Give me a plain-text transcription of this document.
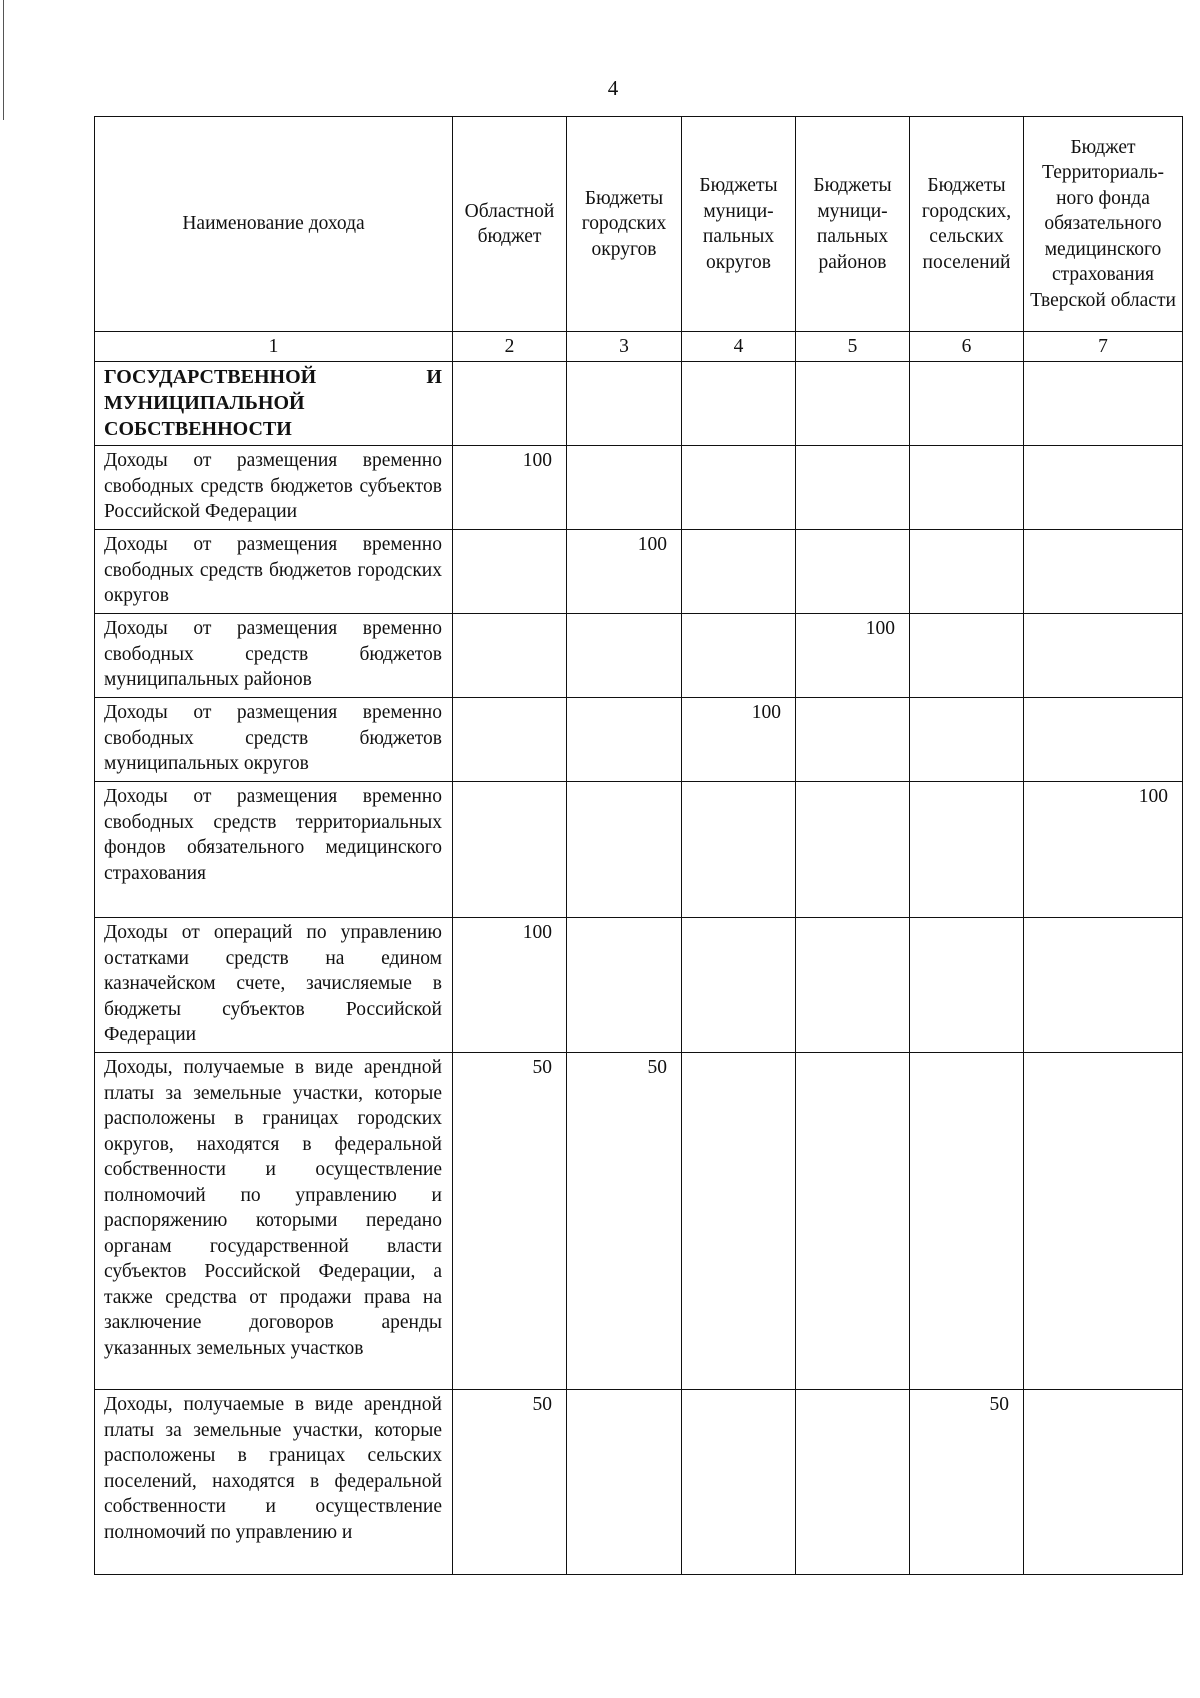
4
Наименование дохода	Областной бюджет	Бюджеты городских округов	Бюджеты муници-пальных округов	Бюджеты муници-пальных районов	Бюджеты городских, сельских поселений	Бюджет Территориаль-ного фонда обязательного медицинского страхования Тверской области
1	2	3	4	5	6	7
ГОСУДАРСТВЕННОЙ И МУНИЦИПАЛЬНОЙ СОБСТВЕННОСТИ						
Доходы от размещения временно свободных средств бюджетов субъектов Российской Федерации	100					
Доходы от размещения временно свободных средств бюджетов городских округов		100				
Доходы от размещения временно свободных средств бюджетов муниципальных районов				100		
Доходы от размещения временно свободных средств бюджетов муниципальных округов			100			
Доходы от размещения временно свободных средств территориальных фондов обязательного медицинского страхования						100
Доходы от операций по управлению остатками средств на едином казначейском счете, зачисляемые в бюджеты субъектов Российской Федерации	100					
Доходы, получаемые в виде арендной платы за земельные участки, которые расположены в границах городских округов, находятся в федеральной собственности и осуществление полномочий по управлению и распоряжению которыми передано органам государственной власти субъектов Российской Федерации, а также средства от продажи права на заключение договоров аренды указанных земельных участков	50	50				
Доходы, получаемые в виде арендной платы за земельные участки, которые расположены в границах сельских поселений, находятся в федеральной собственности и осуществление полномочий по управлению и	50				50	
